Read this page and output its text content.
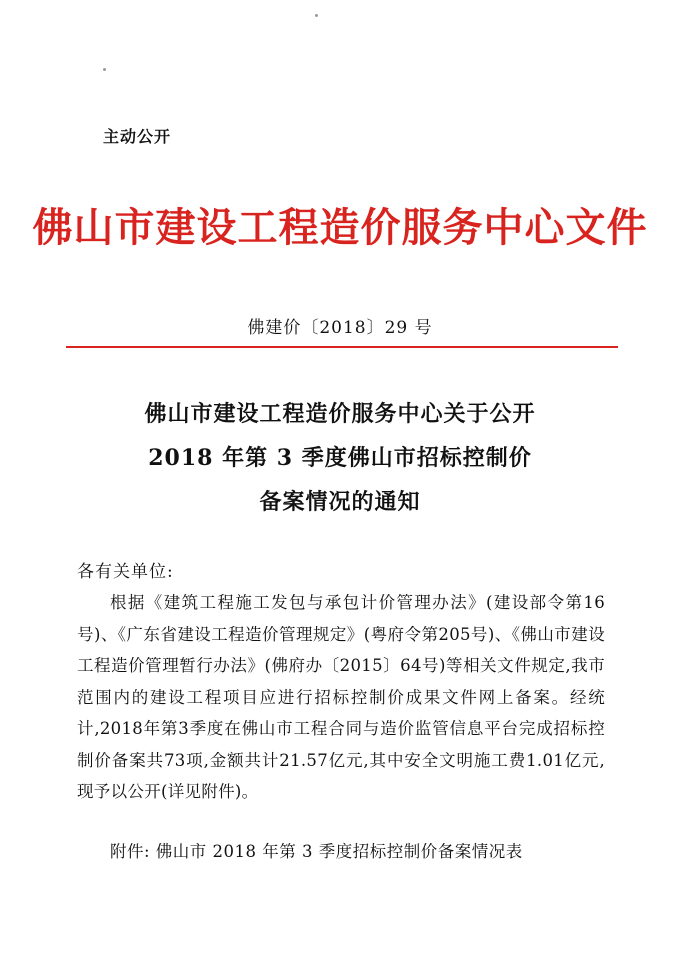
主动公开
佛山市建设工程造价服务中心文件
佛建价〔2018〕29 号
佛山市建设工程造价服务中心关于公开
2018 年第 3 季度佛山市招标控制价
备案情况的通知
各有关单位:
根据《建筑工程施工发包与承包计价管理办法》(建设部令第16号)、《广东省建设工程造价管理规定》(粤府令第205号)、《佛山市建设工程造价管理暂行办法》(佛府办〔2015〕64号)等相关文件规定,我市范围内的建设工程项目应进行招标控制价成果文件网上备案。经统计,2018年第3季度在佛山市工程合同与造价监管信息平台完成招标控制价备案共73项,金额共计21.57亿元,其中安全文明施工费1.01亿元,现予以公开(详见附件)。
附件: 佛山市 2018 年第 3 季度招标控制价备案情况表
